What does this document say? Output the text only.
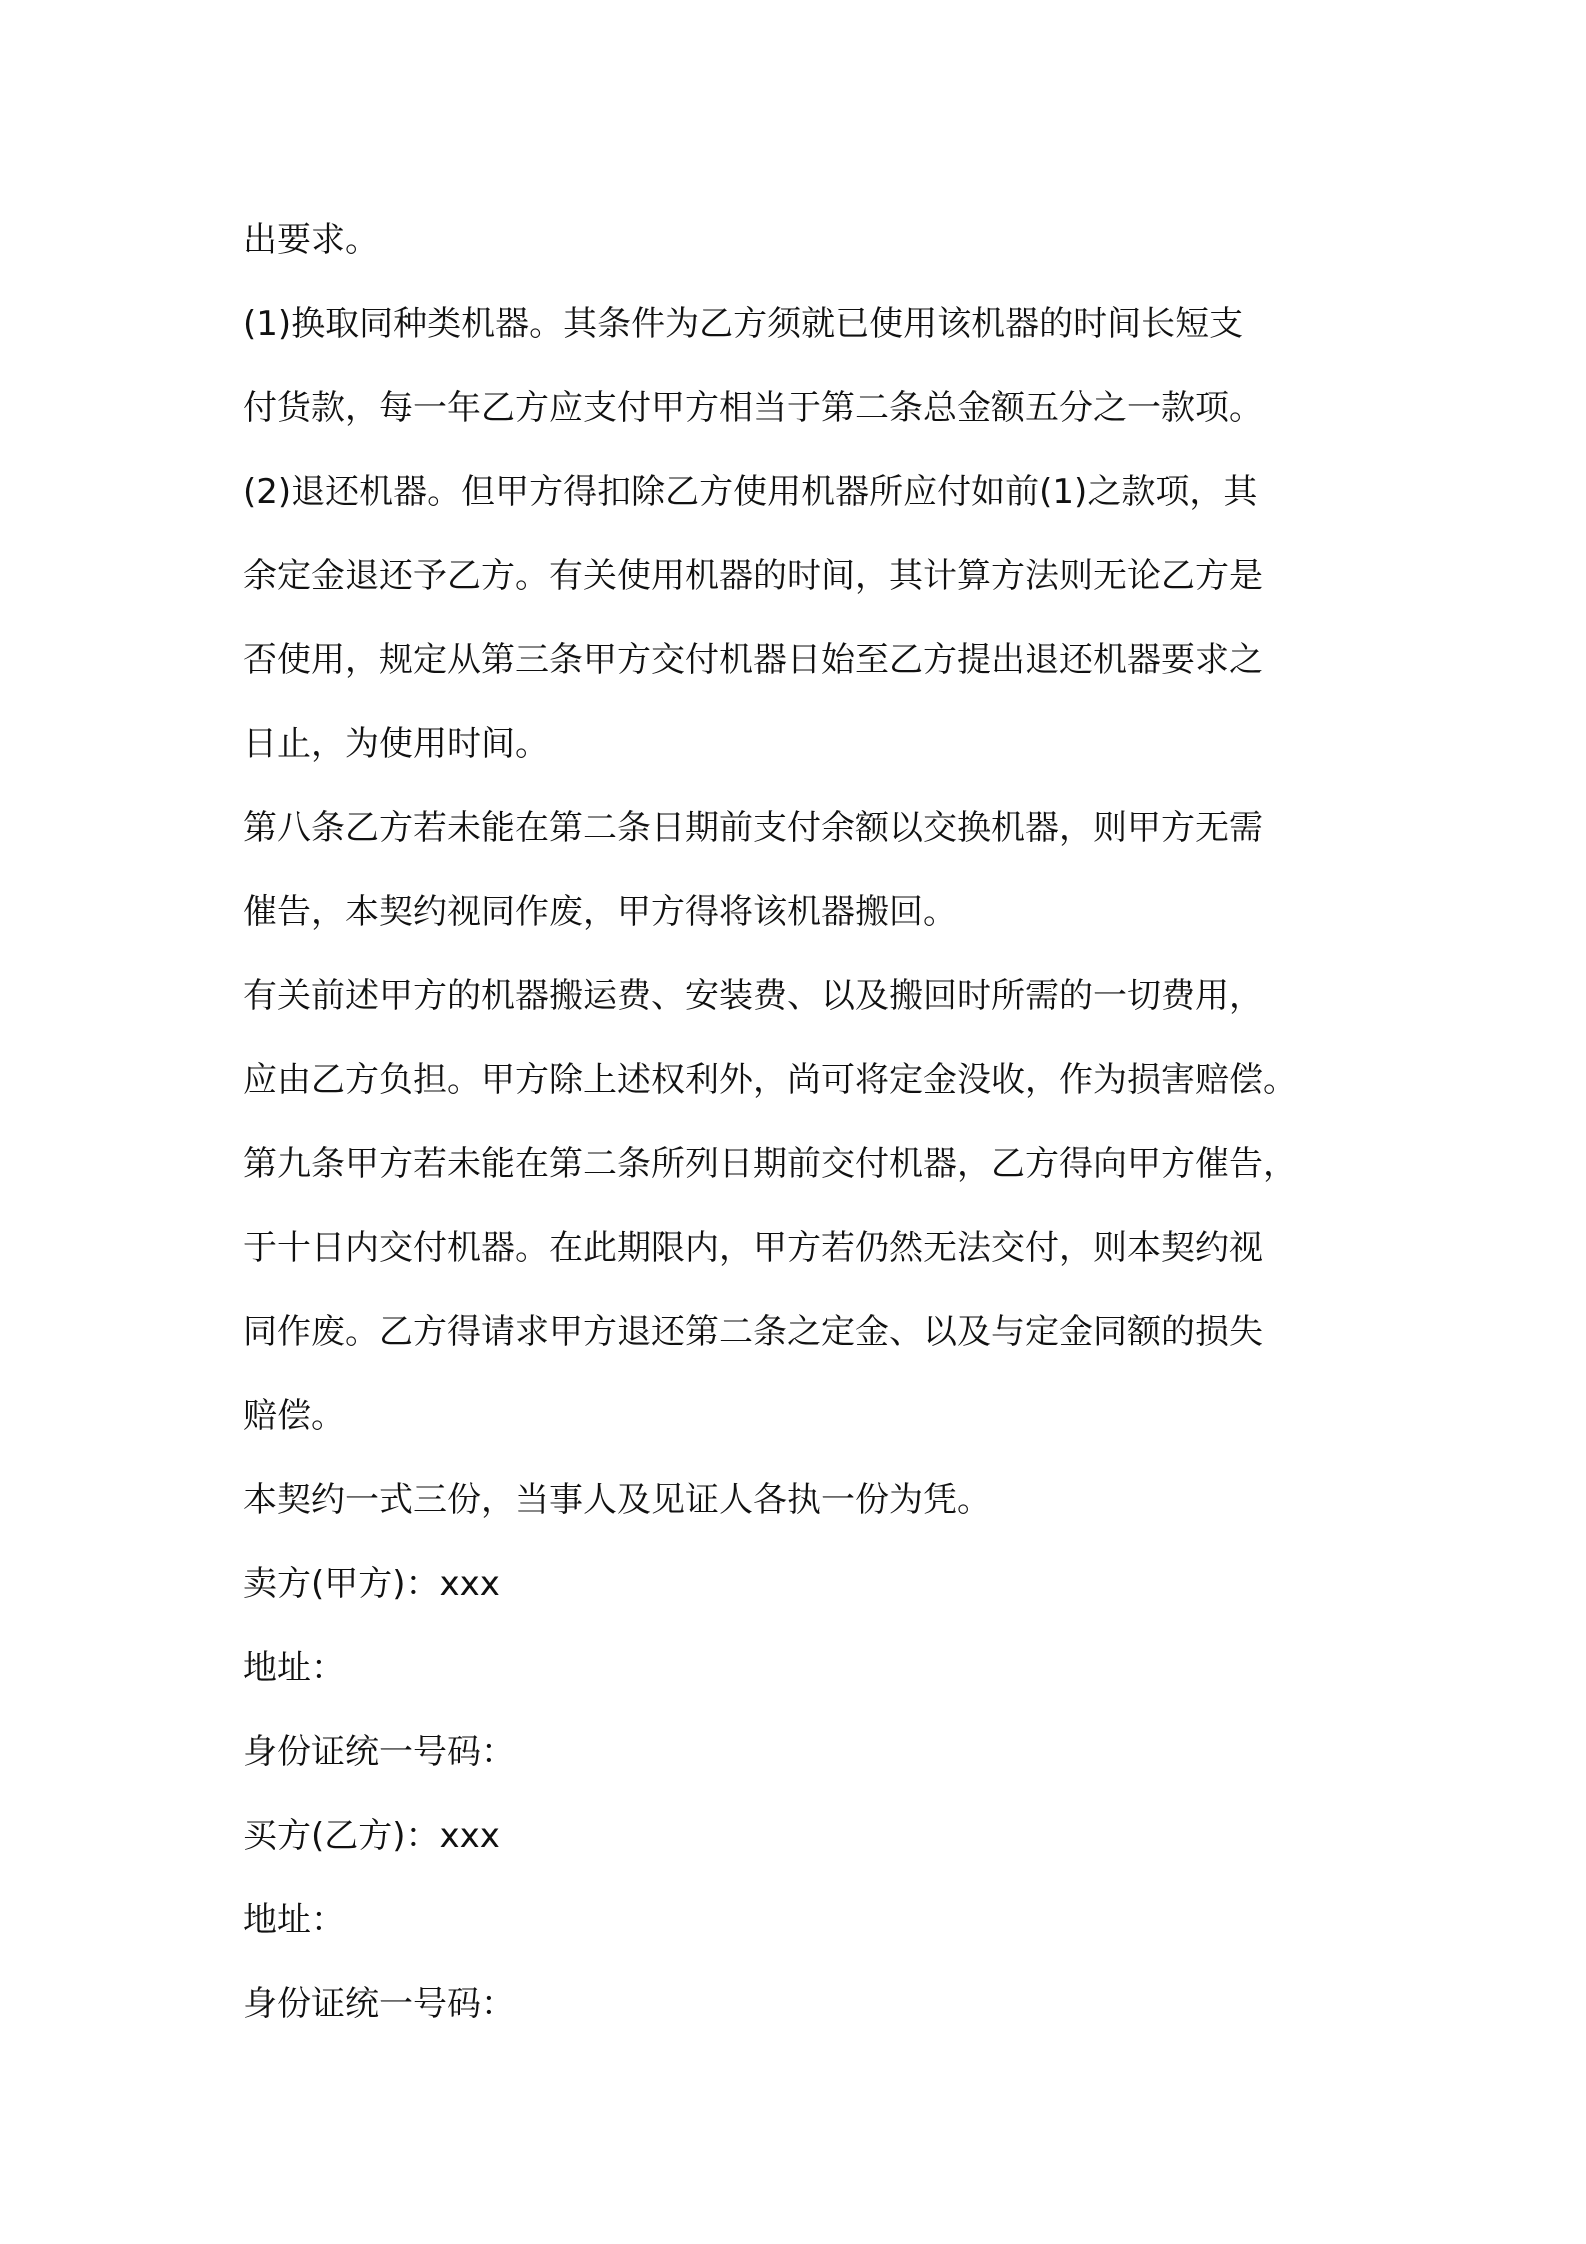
出要求。

(1)换取同种类机器。其条件为乙方须就已使用该机器的时间长短支

付货款，每一年乙方应支付甲方相当于第二条总金额五分之一款项。

(2)退还机器。但甲方得扣除乙方使用机器所应付如前(1)之款项，其

余定金退还予乙方。有关使用机器的时间，其计算方法则无论乙方是

否使用，规定从第三条甲方交付机器日始至乙方提出退还机器要求之

日止，为使用时间。

第八条乙方若未能在第二条日期前支付余额以交换机器，则甲方无需

催告，本契约视同作废，甲方得将该机器搬回。

有关前述甲方的机器搬运费、安装费、以及搬回时所需的一切费用，

应由乙方负担。甲方除上述权利外，尚可将定金没收，作为损害赔偿。

第九条甲方若未能在第二条所列日期前交付机器，乙方得向甲方催告，

于十日内交付机器。在此期限内，甲方若仍然无法交付，则本契约视

同作废。乙方得请求甲方退还第二条之定金、以及与定金同额的损失

赔偿。

本契约一式三份，当事人及见证人各执一份为凭。

卖方(甲方)：xxx

地址：

身份证统一号码：

买方(乙方)：xxx

地址：

身份证统一号码：
